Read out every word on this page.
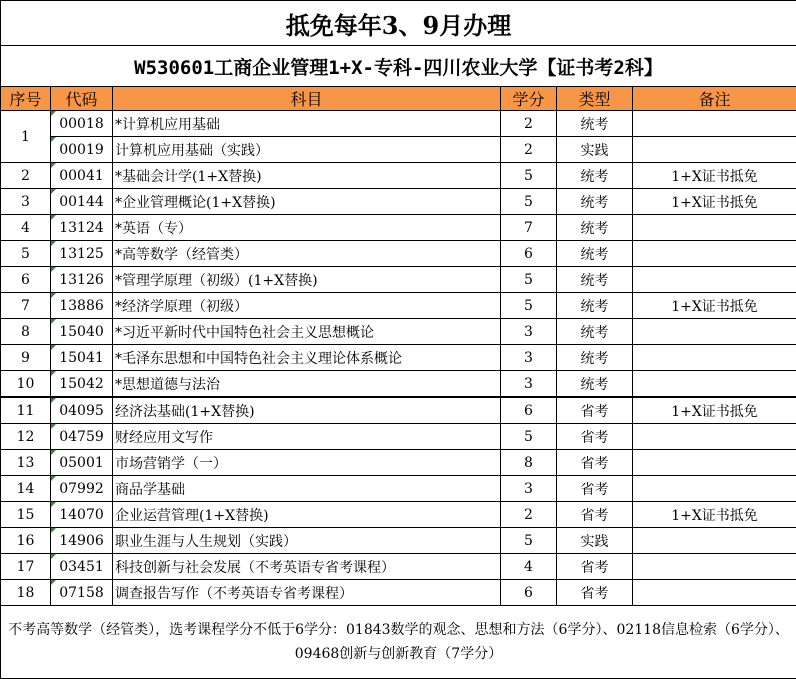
抵免每年3、9月办理					
W530601工商企业管理1+X-专科-四川农业大学【证书考2科】					
序号	代码	科目	学分	类型	备注
1	00018	*计算机应用基础	2	统考	
	00019	计算机应用基础（实践）	2	实践	
2	00041	*基础会计学(1+X替换)	5	统考	1+X证书抵免
3	00144	*企业管理概论(1+X替换)	5	统考	1+X证书抵免
4	13124	*英语（专）	7	统考	
5	13125	*高等数学（经管类）	6	统考	
6	13126	*管理学原理（初级）(1+X替换)	5	统考	
7	13886	*经济学原理（初级）	5	统考	1+X证书抵免
8	15040	*习近平新时代中国特色社会主义思想概论	3	统考	
9	15041	*毛泽东思想和中国特色社会主义理论体系概论	3	统考	
10	15042	*思想道德与法治	3	统考	
11	04095	经济法基础(1+X替换)	6	省考	1+X证书抵免
12	04759	财经应用文写作	5	省考	
13	05001	市场营销学（一）	8	省考	
14	07992	商品学基础	3	省考	
15	14070	企业运营管理(1+X替换)	2	省考	1+X证书抵免
16	14906	职业生涯与人生规划（实践）	5	实践	
17	03451	科技创新与社会发展（不考英语专省考课程）	4	省考	
18	07158	调查报告写作（不考英语专省考课程）	6	省考	
不考高等数学（经管类），选考课程学分不低于6学分：01843数学的观念、思想和方法（6学分）、02118信息检索（6学分）、09468创新与创新教育（7学分）					
